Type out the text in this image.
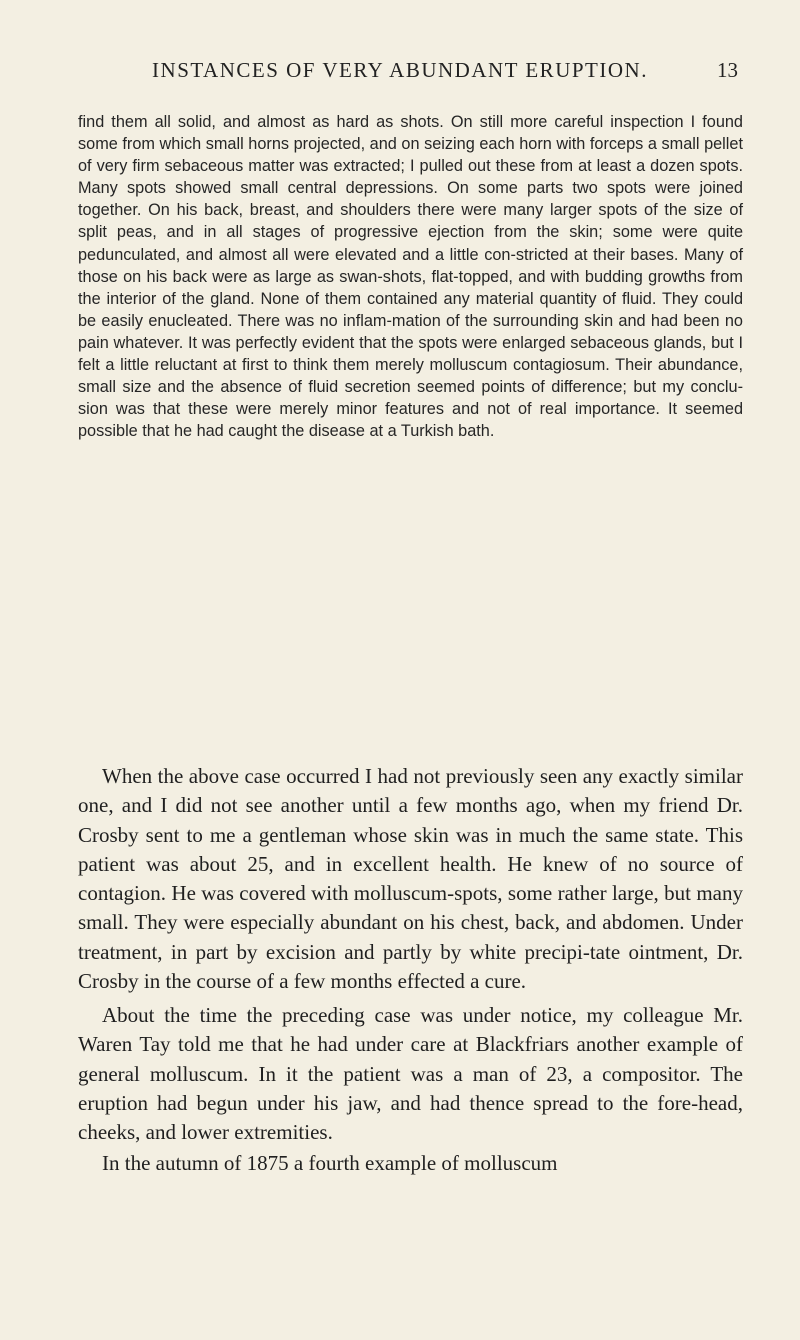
INSTANCES OF VERY ABUNDANT ERUPTION.	13

find them all solid, and almost as hard as shots. On still more careful inspection I found some from which small horns projected, and on seizing each horn with forceps a small pellet of very firm sebaceous matter was extracted; I pulled out these from at least a dozen spots. Many spots showed small central depressions. On some parts two spots were joined together. On his back, breast, and shoulders there were many larger spots of the size of split peas, and in all stages of progressive ejection from the skin; some were quite pedunculated, and almost all were elevated and a little con-stricted at their bases. Many of those on his back were as large as swan-shots, flat-topped, and with budding growths from the interior of the gland. None of them contained any material quantity of fluid. They could be easily enucleated. There was no inflam-mation of the surrounding skin and had been no pain whatever. It was perfectly evident that the spots were enlarged sebaceous glands, but I felt a little reluctant at first to think them merely molluscum contagiosum. Their abundance, small size and the absence of fluid secretion seemed points of difference; but my conclu-sion was that these were merely minor features and not of real importance. It seemed possible that he had caught the disease at a Turkish bath.

When the above case occurred I had not previously seen any exactly similar one, and I did not see another until a few months ago, when my friend Dr. Crosby sent to me a gentleman whose skin was in much the same state. This patient was about 25, and in excellent health. He knew of no source of contagion. He was covered with molluscum-spots, some rather large, but many small. They were especially abundant on his chest, back, and abdomen. Under treatment, in part by excision and partly by white precipi-tate ointment, Dr. Crosby in the course of a few months effected a cure.

About the time the preceding case was under notice, my colleague Mr. Waren Tay told me that he had under care at Blackfriars another example of general molluscum. In it the patient was a man of 23, a compositor. The eruption had begun under his jaw, and had thence spread to the fore-head, cheeks, and lower extremities.

In the autumn of 1875 a fourth example of molluscum
